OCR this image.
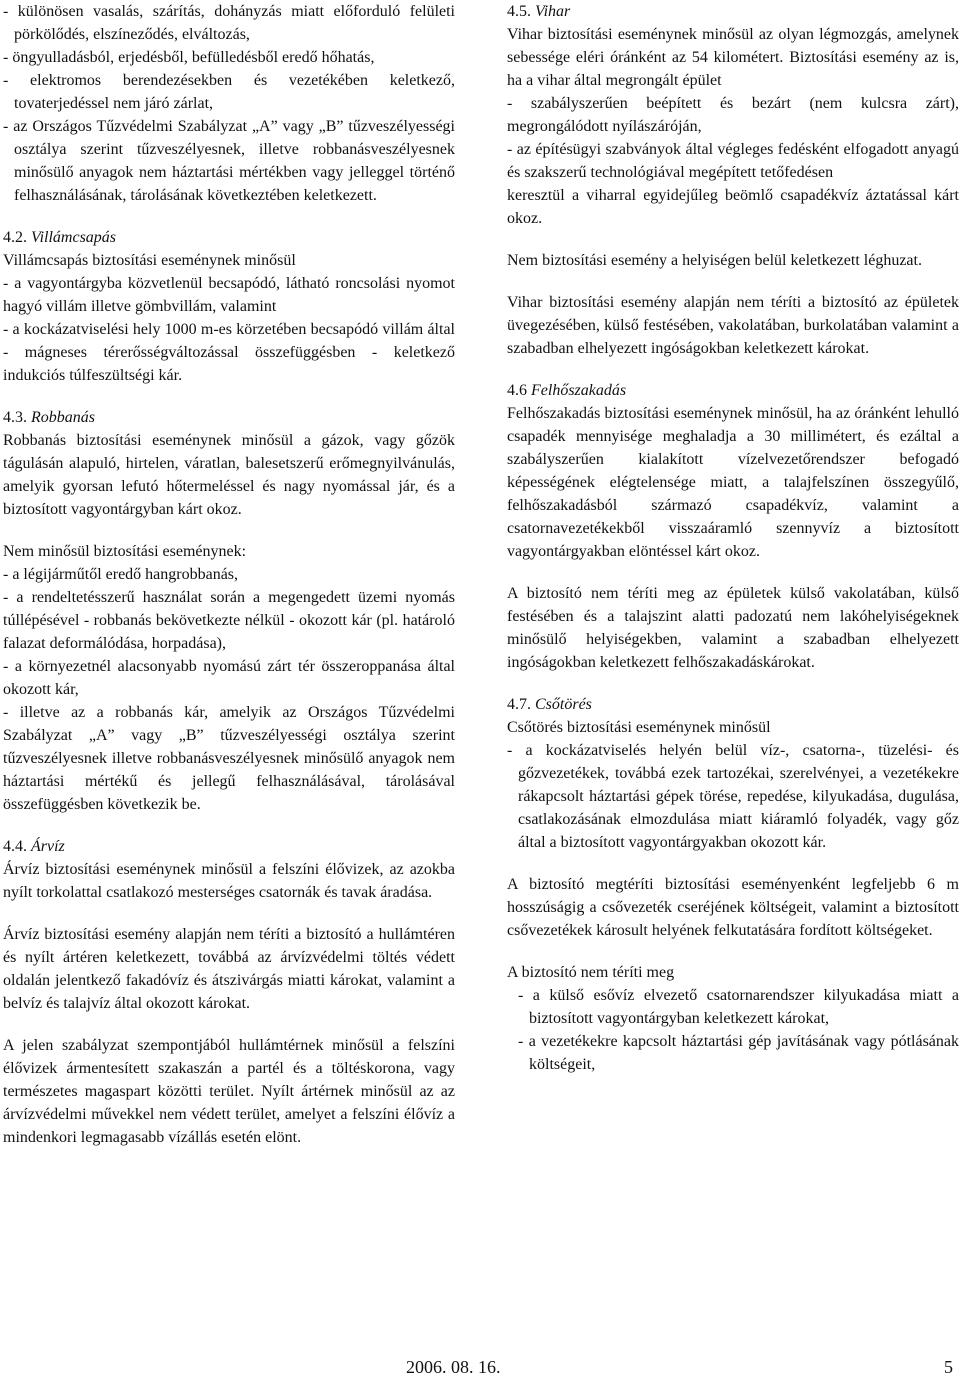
- különösen vasalás, szárítás, dohányzás miatt előforduló felületi pörkölődés, elszíneződés, elváltozás,
- öngyulladásból, erjedésből, befülledésből eredő hőhatás,
- elektromos berendezésekben és vezetékében keletkező, tovaterjedéssel nem járó zárlat,
- az Országos Tűzvédelmi Szabályzat „A” vagy „B” tűzveszélyességi osztálya szerint tűzveszélyesnek, illetve robbanásveszélyesnek minősülő anyagok nem háztartási mértékben vagy jelleggel történő felhasználásának, tárolásának következtében keletkezett.
4.2. Villámcsapás
Villámcsapás biztosítási eseménynek minősül
- a vagyontárgyba közvetlenül becsapódó, látható roncsolási nyomot hagyó villám illetve gömbvillám, valamint
- a kockázatviselési hely 1000 m-es körzetében becsapódó villám által - mágneses térerősségváltozással összefüggésben - keletkező indukciós túlfeszültségi kár.
4.3. Robbanás
Robbanás biztosítási eseménynek minősül a gázok, vagy gőzök tágulásán alapuló, hirtelen, váratlan, balesetszerű erőmegnyilvánulás, amelyik gyorsan lefutó hőtermeléssel és nagy nyomással jár, és a biztosított vagyontárgyban kárt okoz.
Nem minősül biztosítási eseménynek:
- a légijárműtől eredő hangrobbanás,
- a rendeltetésszerű használat során a megengedett üzemi nyomás túllépésével - robbanás bekövetkezte nélkül - okozott kár (pl. határoló falazat deformálódása, horpadása),
- a környezetnél alacsonyabb nyomású zárt tér összeroppanása által okozott kár,
- illetve az a robbanás kár, amelyik az Országos Tűzvédelmi Szabályzat „A” vagy „B” tűzveszélyességi osztálya szerint tűzveszélyesnek illetve robbanásveszélyesnek minősülő anyagok nem háztartási mértékű és jellegű felhasználásával, tárolásával összefüggésben következik be.
4.4. Árvíz
Árvíz biztosítási eseménynek minősül a felszíni élővizek, az azokba nyílt torkolattal csatlakozó mesterséges csatornák és tavak áradása.
Árvíz biztosítási esemény alapján nem téríti a biztosító a hullámtéren és nyílt ártéren keletkezett, továbbá az árvízvédelmi töltés védett oldalán jelentkező fakadóvíz és átszivárgás miatti károkat, valamint a belvíz és talajvíz által okozott károkat.
A jelen szabályzat szempontjából hullámtérnek minősül a felszíni élővizek ármentesített szakaszán a partél és a töltéskorona, vagy természetes magaspart közötti terület. Nyílt ártérnek minősül az az árvízvédelmi művekkel nem védett terület, amelyet a felszíni élővíz a mindenkori legmagasabb vízállás esetén elönt.
4.5. Vihar
Vihar biztosítási eseménynek minősül az olyan légmozgás, amelynek sebessége eléri óránként az 54 kilométert. Biztosítási esemény az is, ha a vihar által megrongált épület
- szabályszerűen beépített és bezárt (nem kulcsra zárt), megrongálódott nyílászáróján,
- az építésügyi szabványok által végleges fedésként elfogadott anyagú és szakszerű technológiával megépített tetőfedésen
keresztül a viharral egyidejűleg beömlő csapadékvíz áztatással kárt okoz.
Nem biztosítási esemény a helyiségen belül keletkezett léghuzat.
Vihar biztosítási esemény alapján nem téríti a biztosító az épületek üvegezésében, külső festésében, vakolatában, burkolatában valamint a szabadban elhelyezett ingóságokban keletkezett károkat.
4.6 Felhőszakadás
Felhőszakadás biztosítási eseménynek minősül, ha az óránként lehulló csapadék mennyisége meghaladja a 30 millimétert, és ezáltal a szabályszerűen kialakított vízelvezetőrendszer befogadó képességének elégtelensége miatt, a talajfelszínen összegyűlő, felhőszakadásból származó csapadékvíz, valamint a csatornavezetékekből visszaáramló szennyvíz a biztosított vagyontárgyakban elöntéssel kárt okoz.
A biztosító nem téríti meg az épületek külső vakolatában, külső festésében és a talajszint alatti padozatú nem lakóhelyiségeknek minősülő helyiségekben, valamint a szabadban elhelyezett ingóságokban keletkezett felhőszakadáskárokat.
4.7. Csőtörés
Csőtörés biztosítási eseménynek minősül
- a kockázatviselés helyén belül víz-, csatorna-, tüzelési- és gőzvezetékek, továbbá ezek tartozékai, szerelvényei, a vezetékekre rákapcsolt háztartási gépek törése, repedése, kilyukadása, dugulása, csatlakozásának elmozdulása miatt kiáramló folyadék, vagy gőz által a biztosított vagyontárgyakban okozott kár.
A biztosító megtéríti biztosítási eseményenként legfeljebb 6 m hosszúságig a csővezeték cseréjének költségeit, valamint a biztosított csővezetékek károsult helyének felkutatására fordított költségeket.
A biztosító nem téríti meg
- a külső esővíz elvezető csatornarendszer kilyukadása miatt a biztosított vagyontárgyban keletkezett károkat,
- a vezetékekre kapcsolt háztartási gép javításának vagy pótlásának költségeit,
2006. 08. 16.	5
